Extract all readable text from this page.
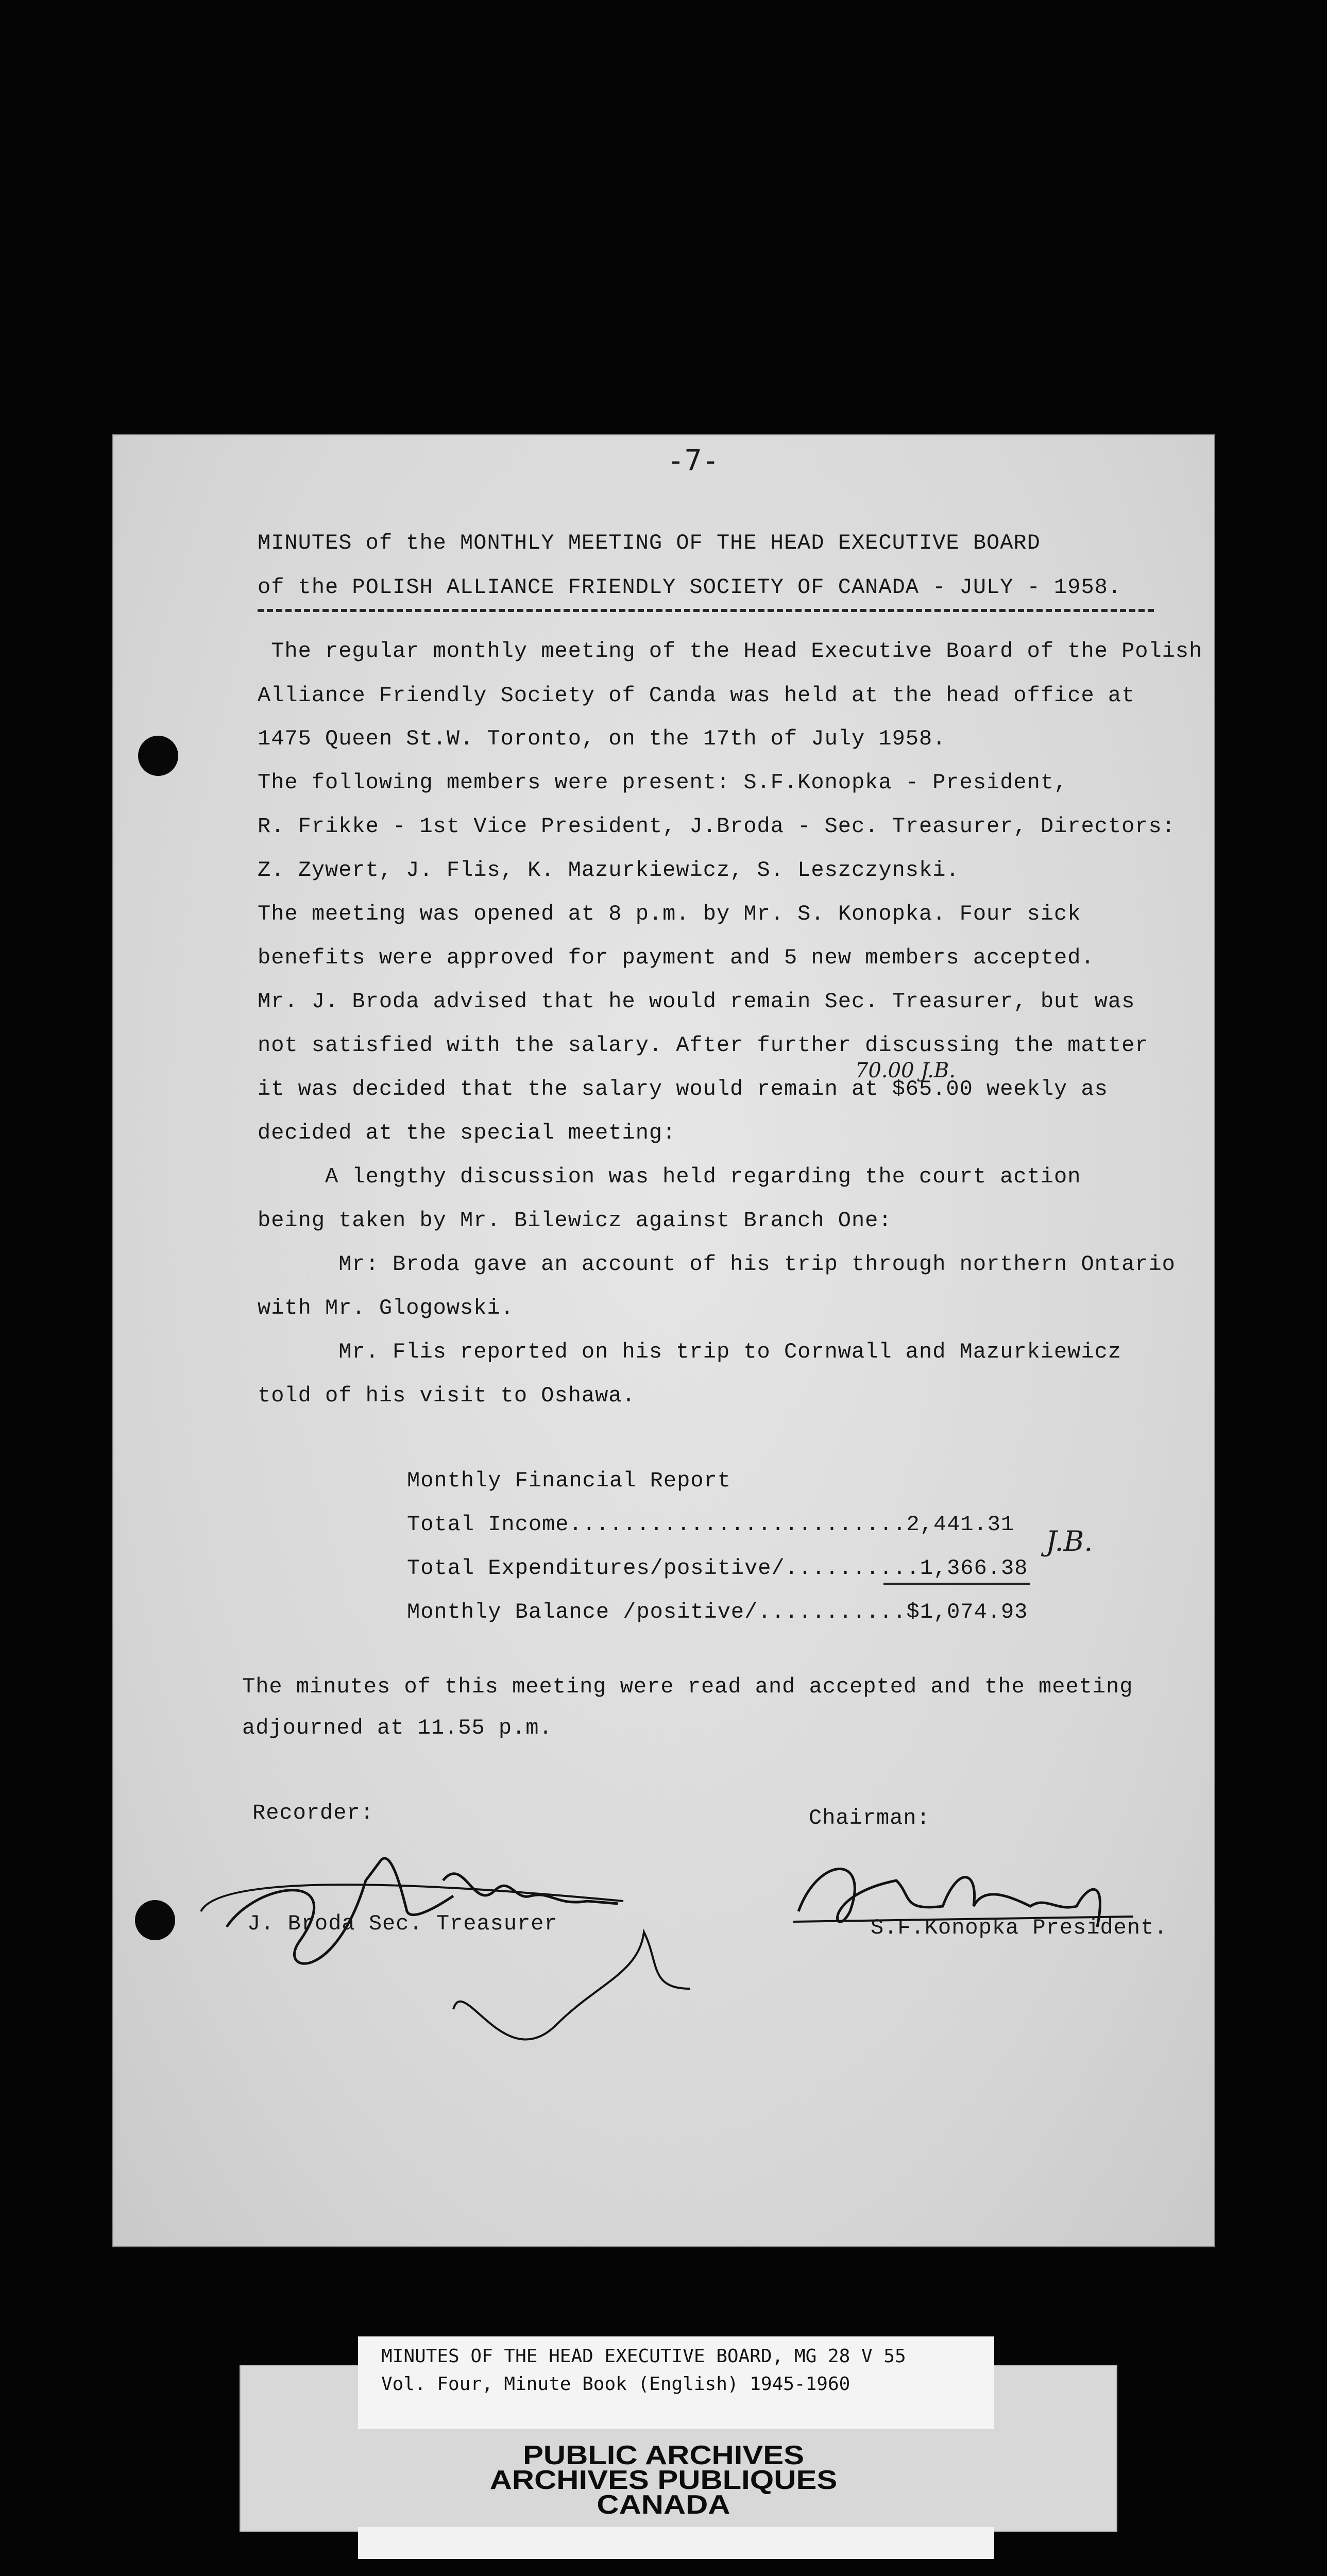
-7-
MINUTES of the MONTHLY MEETING OF THE HEAD EXECUTIVE BOARD
of the POLISH ALLIANCE FRIENDLY SOCIETY OF CANADA - JULY - 1958.
The regular monthly meeting of the Head Executive Board of the Polish
Alliance Friendly Society of Canda was held at the head office at
1475 Queen St.W. Toronto, on the 17th of July 1958.
The following members were present: S.F.Konopka - President,
R. Frikke - 1st Vice President, J.Broda - Sec. Treasurer, Directors:
Z. Zywert, J. Flis, K. Mazurkiewicz, S. Leszczynski.
The meeting was opened at 8 p.m. by Mr. S. Konopka. Four sick
benefits were approved for payment and 5 new members accepted.
Mr. J. Broda advised that he would remain Sec. Treasurer, but was
not satisfied with the salary. After further discussing the matter
it was decided that the salary would remain at $65.00 weekly as
decided at the special meeting:
A lengthy discussion was held regarding the court action
being taken by Mr. Bilewicz against Branch One:
Mr: Broda gave an account of his trip through northern Ontario
with Mr. Glogowski.
Mr. Flis reported on his trip to Cornwall and Mazurkiewicz
told of his visit to Oshawa.
70.00 J.B.
Monthly Financial Report
Total Income.........................2,441.31
Total Expenditures/positive/..........1,366.38
Monthly Balance /positive/...........$1,074.93
J.B.
The minutes of this meeting were read and accepted and the meeting
adjourned at 11.55 p.m.
Recorder:	Chairman:
J. Broda Sec. Treasurer	S.F.Konopka President.
MINUTES OF THE HEAD EXECUTIVE BOARD, MG 28 V 55
Vol. Four, Minute Book (English) 1945-1960
PUBLIC ARCHIVES
ARCHIVES PUBLIQUES
CANADA
